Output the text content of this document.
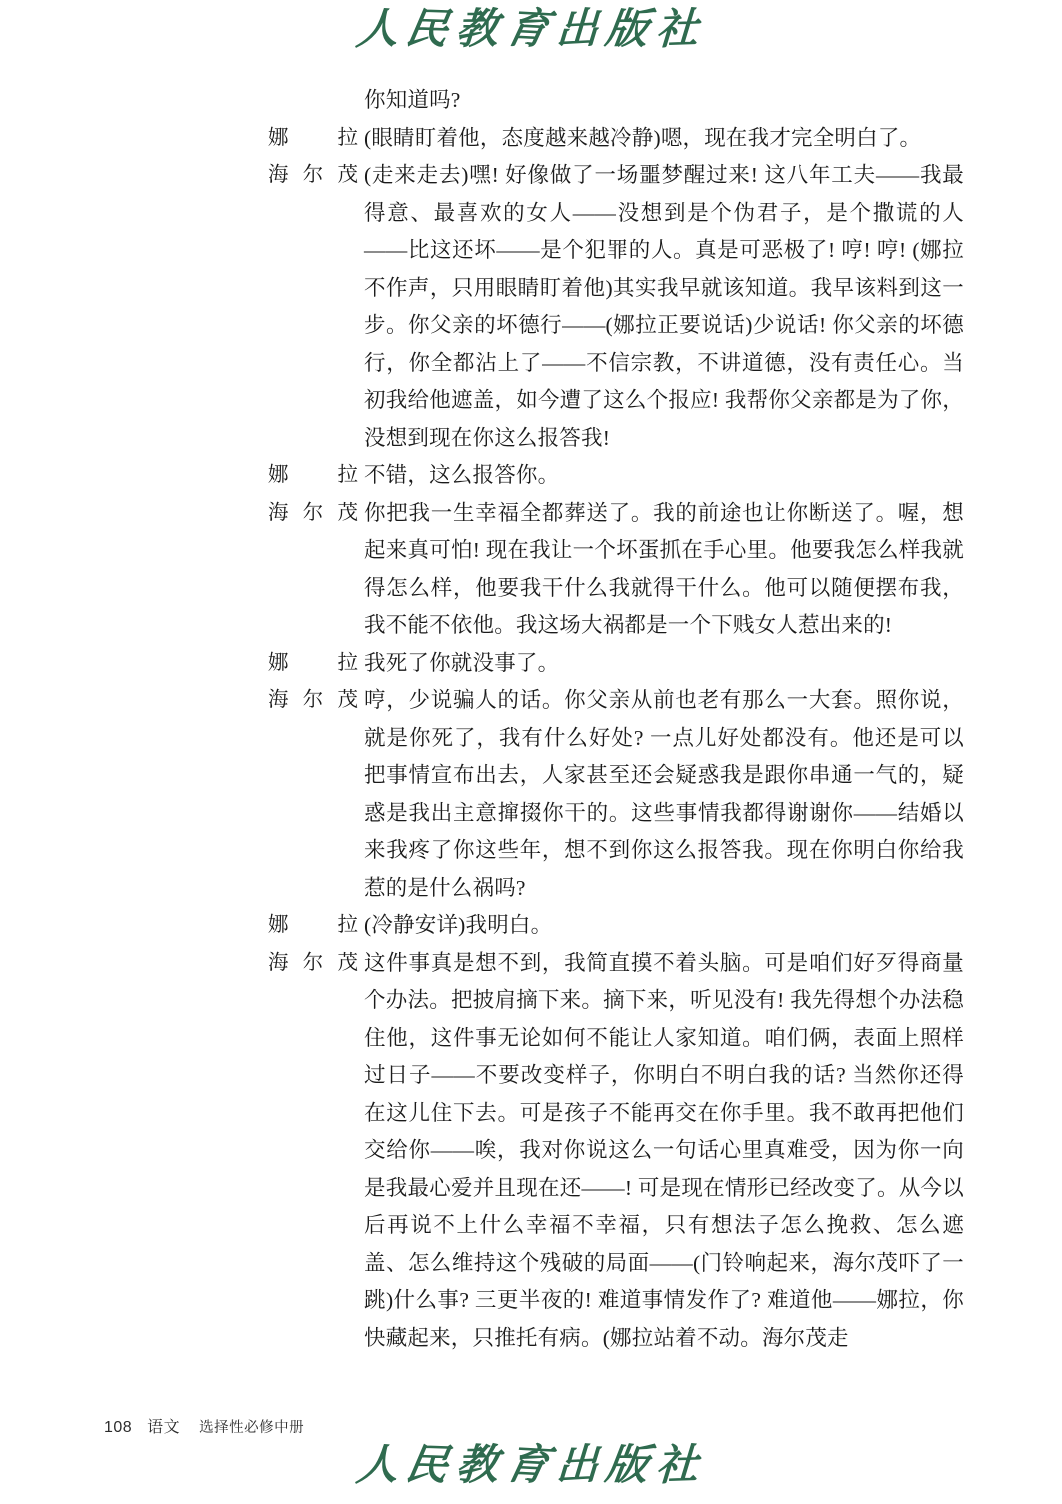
人民教育出版社
你知道吗?
娜 拉 (眼睛盯着他，态度越来越冷静)嗯，现在我才完全明白了。
海尔茂 (走来走去)嘿! 好像做了一场噩梦醒过来! 这八年工夫——我最得意、最喜欢的女人——没想到是个伪君子，是个撒谎的人——比这还坏——是个犯罪的人。真是可恶极了! 哼! 哼! (娜拉不作声，只用眼睛盯着他)其实我早就该知道。我早该料到这一步。你父亲的坏德行——(娜拉正要说话)少说话! 你父亲的坏德行，你全都沾上了——不信宗教，不讲道德，没有责任心。当初我给他遮盖，如今遭了这么个报应! 我帮你父亲都是为了你，没想到现在你这么报答我!
娜 拉 不错，这么报答你。
海尔茂 你把我一生幸福全都葬送了。我的前途也让你断送了。喔，想起来真可怕! 现在我让一个坏蛋抓在手心里。他要我怎么样我就得怎么样，他要我干什么我就得干什么。他可以随便摆布我，我不能不依他。我这场大祸都是一个下贱女人惹出来的!
娜 拉 我死了你就没事了。
海尔茂 哼，少说骗人的话。你父亲从前也老有那么一大套。照你说，就是你死了，我有什么好处? 一点儿好处都没有。他还是可以把事情宣布出去，人家甚至还会疑惑我是跟你串通一气的，疑惑是我出主意撺掇你干的。这些事情我都得谢谢你——结婚以来我疼了你这些年，想不到你这么报答我。现在你明白你给我惹的是什么祸吗?
娜 拉 (冷静安详)我明白。
海尔茂 这件事真是想不到，我简直摸不着头脑。可是咱们好歹得商量个办法。把披肩摘下来。摘下来，听见没有! 我先得想个办法稳住他，这件事无论如何不能让人家知道。咱们俩，表面上照样过日子——不要改变样子，你明白不明白我的话? 当然你还得在这儿住下去。可是孩子不能再交在你手里。我不敢再把他们交给你——唉，我对你说这么一句话心里真难受，因为你一向是我最心爱并且现在还——! 可是现在情形已经改变了。从今以后再说不上什么幸福不幸福，只有想法子怎么挽救、怎么遮盖、怎么维持这个残破的局面——(门铃响起来，海尔茂吓了一跳)什么事? 三更半夜的! 难道事情发作了? 难道他——娜拉，你快藏起来，只推托有病。(娜拉站着不动。海尔茂走
108 语文 选择性必修中册
人民教育出版社
